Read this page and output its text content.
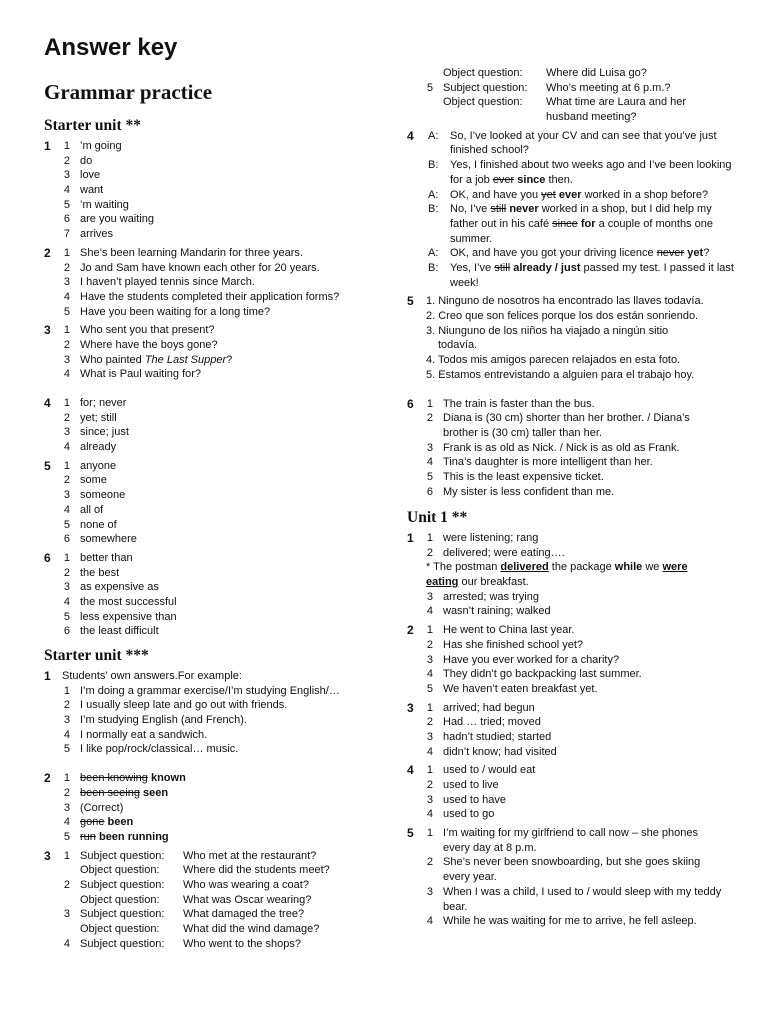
Answer key
Grammar practice
Starter unit **
1	1 ’m going
2 do
3 love
4 want
5 ’m waiting
6 are you waiting
7 arrives
2	1 She’s been learning Mandarin for three years.
2 Jo and Sam have known each other for 20 years.
3 I haven’t played tennis since March.
4 Have the students completed their application forms?
5 Have you been waiting for a long time?
3	1 Who sent you that present?
2 Where have the boys gone?
3 Who painted The Last Supper?
4 What is Paul waiting for?
4	1 for; never
2 yet; still
3 since; just
4 already
5	1 anyone
2 some
3 someone
4 all of
5 none of
6 somewhere
6	1 better than
2 the best
3 as expensive as
4 the most successful
5 less expensive than
6 the least difficult
Starter unit ***
1 Students’ own answers.For example:
1 I’m doing a grammar exercise/I’m studying English/…
2 I usually sleep late and go out with friends.
3 I’m studying English (and French).
4 I normally eat a sandwich.
5 I like pop/rock/classical… music.
2	1 been knowing known
2 been seeing seen
3 (Correct)
4 gone been
5 run been running
3	1 Subject question: Who met at the restaurant?
Object question: Where did the students meet?
2 Subject question: Who was wearing a coat?
Object question: What was Oscar wearing?
3 Subject question: What damaged the tree?
Object question: What did the wind damage?
4 Subject question: Who went to the shops?
Object question: Where did Luisa go?
5 Subject question: Who’s meeting at 6 p.m.?
Object question:	What time are Laura and her husband meeting?
4 A:	So, I’ve looked at your CV and can see that you’ve just finished school?
B:	Yes, I finished about two weeks ago and I’ve been looking for a job ever since then.
A:	OK, and have you yet ever worked in a shop before?
B:	No, I’ve still never worked in a shop, but I did help my father out in his café since for a couple of months one summer.
A:	OK, and have you got your driving licence never yet?
B:	Yes, I’ve still already / just passed my test. I passed it last week!
5 1. Ninguno de nosotros ha encontrado las llaves todavía.
2. Creo que son felices porque los dos están sonriendo.
3. Niunguno de los niños ha viajado a ningún sitio
todavía.
4. Todos mis amigos parecen relajados en esta foto.
5. Estamos entrevistando a alguien para el trabajo hoy.
6	1 The train is faster than the bus.
2 Diana is (30 cm) shorter than her brother. / Diana’s brother is (30 cm) taller than her.
3 Frank is as old as Nick. / Nick is as old as Frank.
4 Tina’s daughter is more intelligent than her.
5 This is the least expensive ticket.
6 My sister is less confident than me.
Unit 1 **
1	1 were listening; rang
2 delivered; were eating….
* The postman delivered the package while we were eating our breakfast.
3 arrested; was trying
4 wasn’t raining; walked
2	1 He went to China last year.
2 Has she finished school yet?
3 Have you ever worked for a charity?
4 They didn’t go backpacking last summer.
5 We haven’t eaten breakfast yet.
3	1 arrived; had begun
2 Had … tried; moved
3 hadn’t studied; started
4 didn’t know; had visited
4	1 used to / would eat
2 used to live
3 used to have
4 used to go
5	1 I’m waiting for my girlfriend to call now – she phones every day at 8 p.m.
2 She’s never been snowboarding, but she goes skiing every year.
3 When I was a child, I used to / would sleep with my teddy bear.
4 While he was waiting for me to arrive, he fell asleep.
